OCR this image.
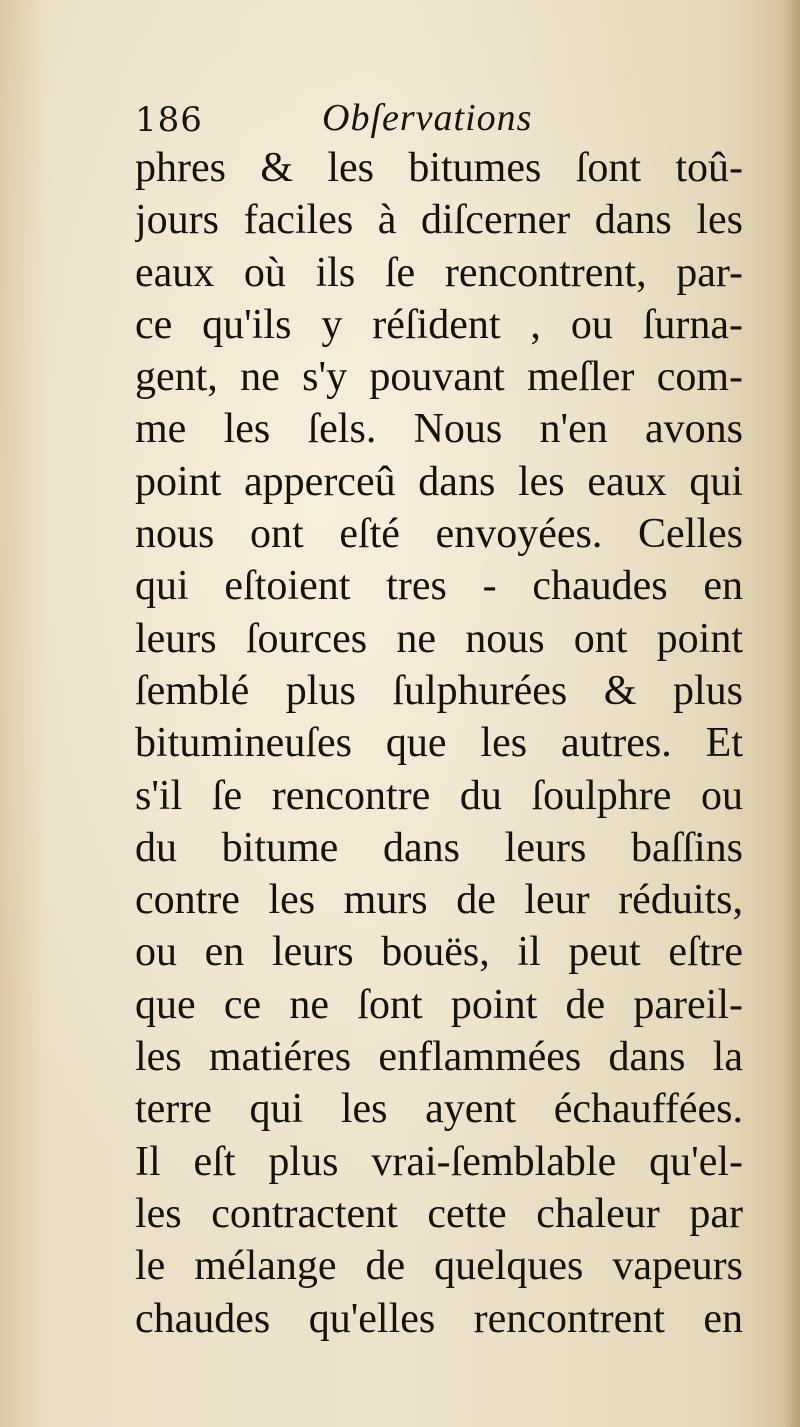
186	Obſervations
phres & les bitumes ſont toû-
jours faciles à diſcerner dans les
eaux où ils ſe rencontrent, par-
ce qu'ils y réſident , ou ſurna-
gent, ne s'y pouvant meſler com-
me les ſels. Nous n'en avons
point apperceû dans les eaux qui
nous ont eſté envoyées. Celles
qui eſtoient tres - chaudes en
leurs ſources ne nous ont point
ſemblé plus ſulphurées & plus
bitumineuſes que les autres. Et
s'il ſe rencontre du ſoulphre ou
du bitume dans leurs baſſins
contre les murs de leur réduits,
ou en leurs bouës, il peut eſtre
que ce ne ſont point de pareil-
les matiéres enflammées dans la
terre qui les ayent échauffées.
Il eſt plus vrai-ſemblable qu'el-
les contractent cette chaleur par
le mélange de quelques vapeurs
chaudes qu'elles rencontrent en
